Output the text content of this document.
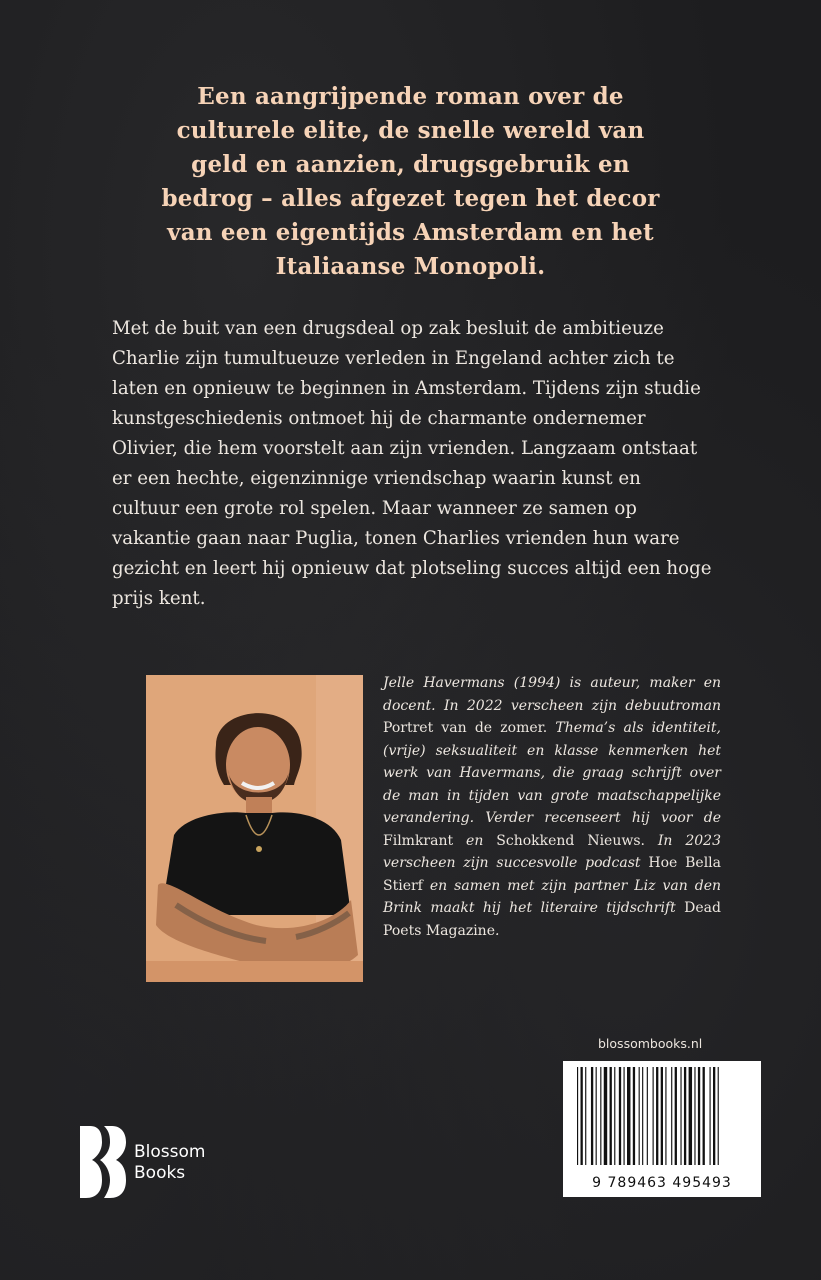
Een aangrijpende roman over de culturele elite, de snelle wereld van geld en aanzien, drugsgebruik en bedrog – alles afgezet tegen het decor van een eigentijds Amsterdam en het Italiaanse Monopoli.

Met de buit van een drugsdeal op zak besluit de ambitieuze Charlie zijn tumultueuze verleden in Engeland achter zich te laten en opnieuw te beginnen in Amsterdam. Tijdens zijn studie kunstgeschiedenis ontmoet hij de charmante ondernemer Olivier, die hem voorstelt aan zijn vrienden. Langzaam ontstaat er een hechte, eigenzinnige vriendschap waarin kunst en cultuur een grote rol spelen. Maar wanneer ze samen op vakantie gaan naar Puglia, tonen Charlies vrienden hun ware gezicht en leert hij opnieuw dat plotseling succes altijd een hoge prijs kent.

Jelle Havermans (1994) is auteur, maker en docent. In 2022 verscheen zijn debuutroman Portret van de zomer. Thema’s als identiteit, (vrije) seksualiteit en klasse kenmerken het werk van Havermans, die graag schrijft over de man in tijden van grote maatschappelijke verandering. Verder recenseert hij voor de Filmkrant en Schokkend Nieuws. In 2023 verscheen zijn succesvolle podcast Hoe Bella Stierf en samen met zijn partner Liz van den Brink maakt hij het literaire tijdschrift Dead Poets Magazine.

blossombooks.nl
9 789463 495493
Blossom
Books
